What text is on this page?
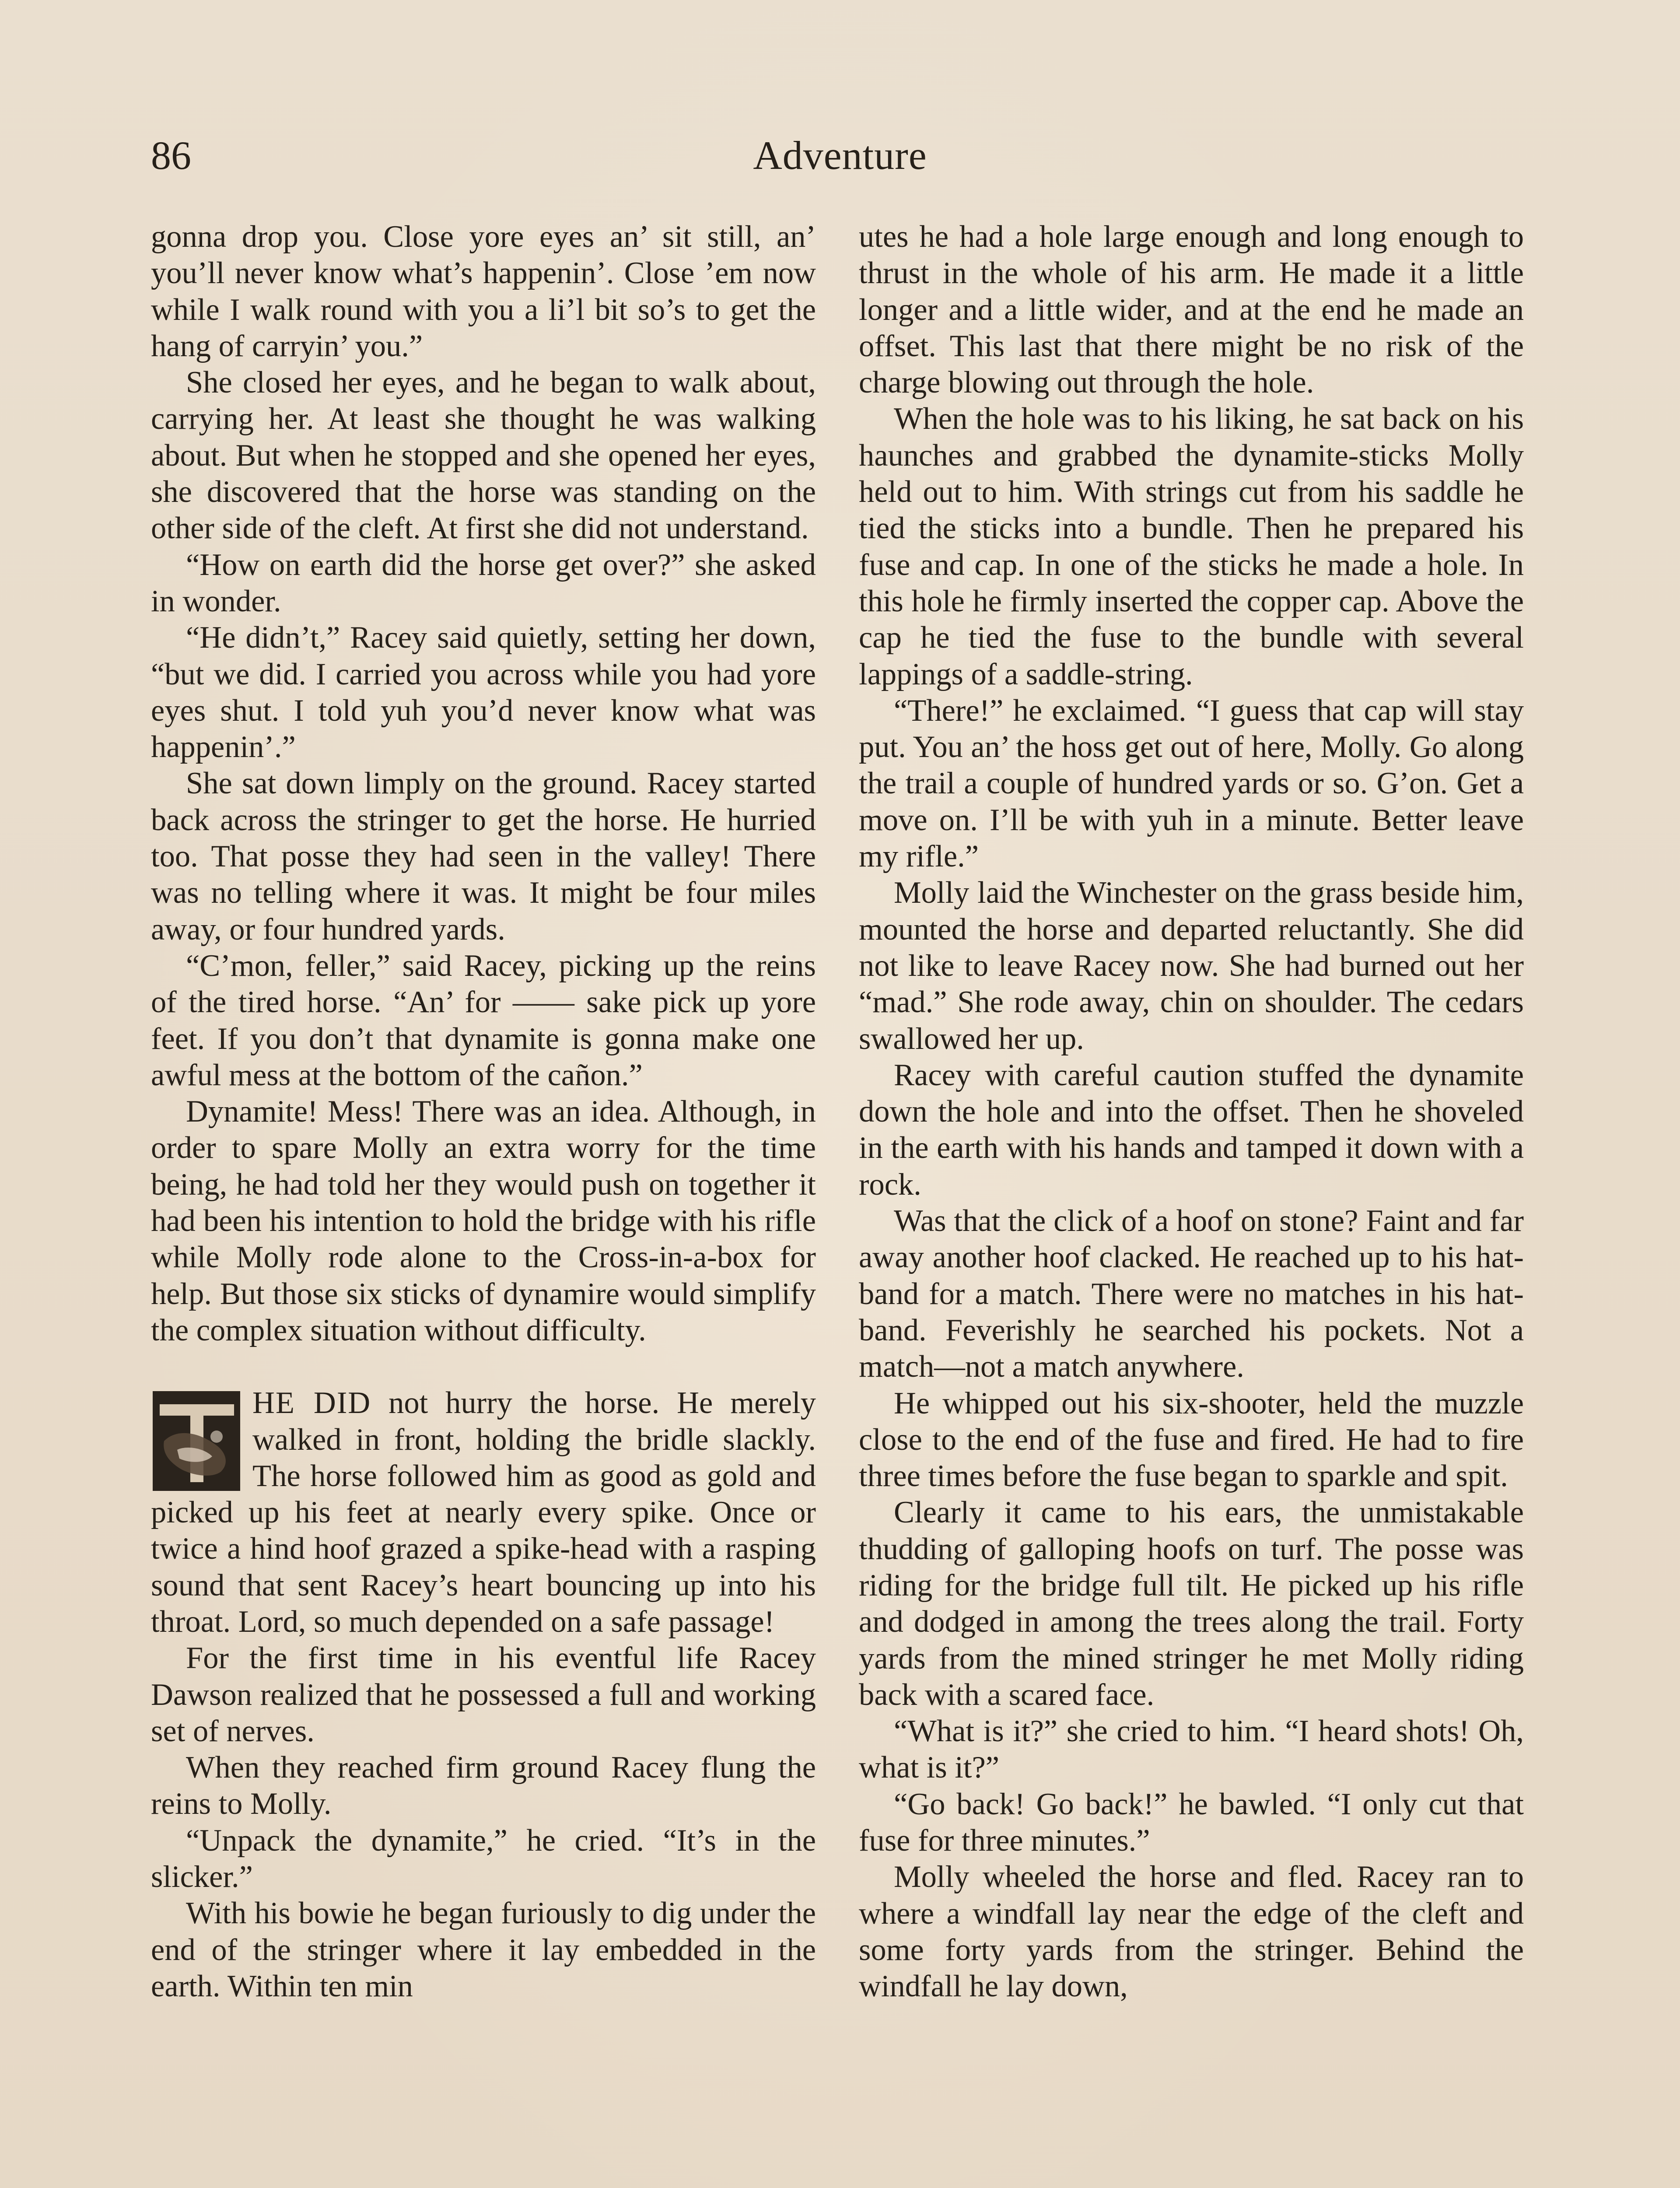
86	Adventure

gonna drop you. Close yore eyes an’ sit still, an’ you’ll never know what’s happenin’. Close ’em now while I walk round with you a li’l bit so’s to get the hang of carryin’ you.”

She closed her eyes, and he began to walk about, carrying her. At least she thought he was walking about. But when he stopped and she opened her eyes, she discovered that the horse was standing on the other side of the cleft. At first she did not understand.

“How on earth did the horse get over?” she asked in wonder.

“He didn’t,” Racey said quietly, setting her down, “but we did. I carried you across while you had yore eyes shut. I told yuh you’d never know what was happenin’.”

She sat down limply on the ground. Racey started back across the stringer to get the horse. He hurried too. That posse they had seen in the valley! There was no telling where it was. It might be four miles away, or four hundred yards.

“C’mon, feller,” said Racey, picking up the reins of the tired horse. “An’ for —— sake pick up yore feet. If you don’t that dynamite is gonna make one awful mess at the bottom of the cañon.”

Dynamite! Mess! There was an idea. Although, in order to spare Molly an extra worry for the time being, he had told her they would push on together it had been his intention to hold the bridge with his rifle while Molly rode alone to the Cross-in-a-box for help. But those six sticks of dynamire would simplify the complex situation without difficulty.

HE DID not hurry the horse. He merely walked in front, holding the bridle slackly. The horse followed him as good as gold and picked up his feet at nearly every spike. Once or twice a hind hoof grazed a spike-head with a rasping sound that sent Racey’s heart bouncing up into his throat. Lord, so much depended on a safe passage!

For the first time in his eventful life Racey Dawson realized that he possessed a full and working set of nerves.

When they reached firm ground Racey flung the reins to Molly.

“Unpack the dynamite,” he cried. “It’s in the slicker.”

With his bowie he began furiously to dig under the end of the stringer where it lay embedded in the earth. Within ten min

utes he had a hole large enough and long enough to thrust in the whole of his arm. He made it a little longer and a little wider, and at the end he made an offset. This last that there might be no risk of the charge blowing out through the hole.

When the hole was to his liking, he sat back on his haunches and grabbed the dynamite-sticks Molly held out to him. With strings cut from his saddle he tied the sticks into a bundle. Then he prepared his fuse and cap. In one of the sticks he made a hole. In this hole he firmly inserted the copper cap. Above the cap he tied the fuse to the bundle with several lappings of a saddle-string.

“There!” he exclaimed. “I guess that cap will stay put. You an’ the hoss get out of here, Molly. Go along the trail a couple of hundred yards or so. G’on. Get a move on. I’ll be with yuh in a minute. Better leave my rifle.”

Molly laid the Winchester on the grass beside him, mounted the horse and departed reluctantly. She did not like to leave Racey now. She had burned out her “mad.” She rode away, chin on shoulder. The cedars swallowed her up.

Racey with careful caution stuffed the dynamite down the hole and into the offset. Then he shoveled in the earth with his hands and tamped it down with a rock.

Was that the click of a hoof on stone? Faint and far away another hoof clacked. He reached up to his hat-band for a match. There were no matches in his hat-band. Feverishly he searched his pockets. Not a match—not a match anywhere.

He whipped out his six-shooter, held the muzzle close to the end of the fuse and fired. He had to fire three times before the fuse began to sparkle and spit.

Clearly it came to his ears, the unmistakable thudding of galloping hoofs on turf. The posse was riding for the bridge full tilt. He picked up his rifle and dodged in among the trees along the trail. Forty yards from the mined stringer he met Molly riding back with a scared face.

“What is it?” she cried to him. “I heard shots! Oh, what is it?”

“Go back! Go back!” he bawled. “I only cut that fuse for three minutes.”

Molly wheeled the horse and fled. Racey ran to where a windfall lay near the edge of the cleft and some forty yards from the stringer. Behind the windfall he lay down,
